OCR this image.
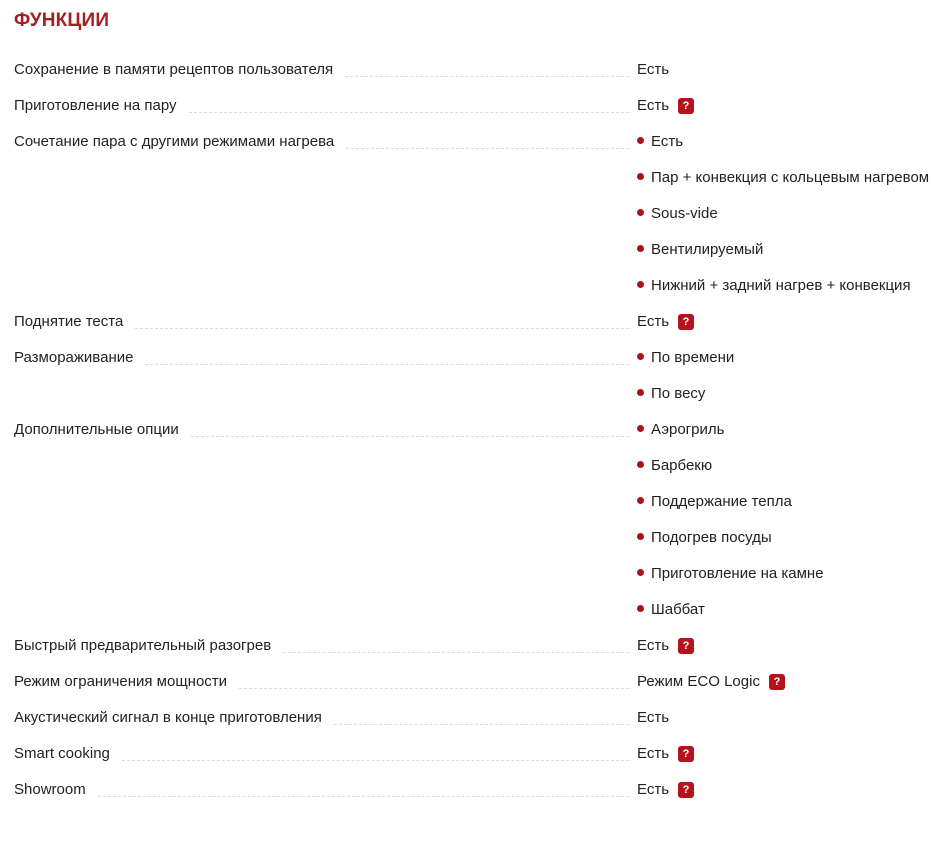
ФУНКЦИИ
Сохранение в памяти рецептов пользователя	Есть
Приготовление на пару	Есть ?
Сочетание пара с другими режимами нагрева	Есть
Пар + конвекция с кольцевым нагревом
Sous-vide
Вентилируемый
Нижний + задний нагрев + конвекция
Поднятие теста	Есть ?
Размораживание	По времени
По весу
Дополнительные опции	Аэрогриль
Барбекю
Поддержание тепла
Подогрев посуды
Приготовление на камне
Шаббат
Быстрый предварительный разогрев	Есть ?
Режим ограничения мощности	Режим ECO Logic ?
Акустический сигнал в конце приготовления	Есть
Smart cooking	Есть ?
Showroom	Есть ?
